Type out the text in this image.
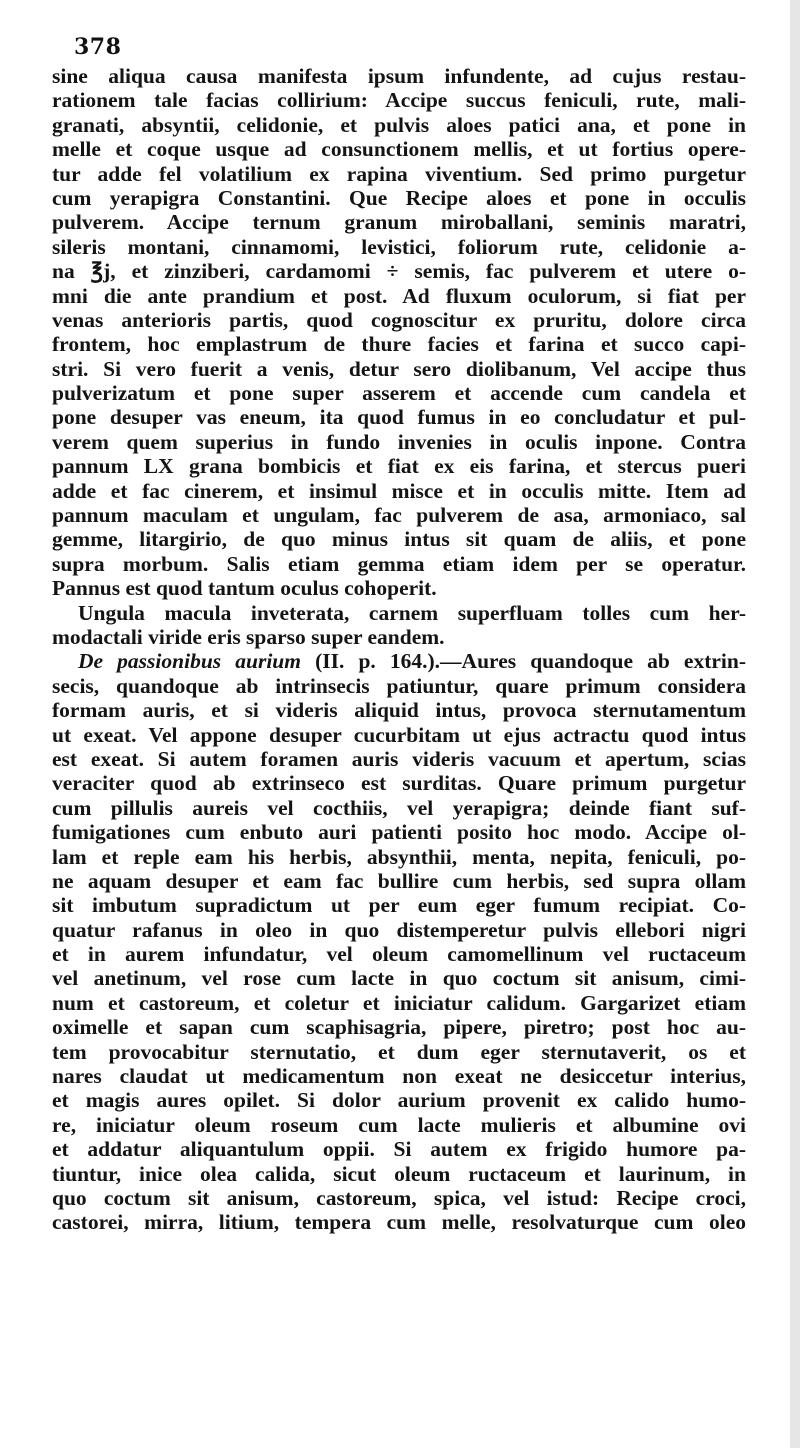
378
sine aliqua causa manifesta ipsum infundente, ad cujus restau-
rationem tale facias collirium: Accipe succus feniculi, rute, mali-
granati, absyntii, celidonie, et pulvis aloes patici ana, et pone in
melle et coque usque ad consunctionem mellis, et ut fortius opere-
tur adde fel volatilium ex rapina viventium. Sed primo purgetur
cum yerapigra Constantini. Que Recipe aloes et pone in occulis
pulverem. Accipe ternum granum miroballani, seminis maratri,
sileris montani, cinnamomi, levistici, foliorum rute, celidonie a-
na ℥j, et zinziberi, cardamomi ÷ semis, fac pulverem et utere o-
mni die ante prandium et post. Ad fluxum oculorum, si fiat per
venas anterioris partis, quod cognoscitur ex pruritu, dolore circa
frontem, hoc emplastrum de thure facies et farina et succo capi-
stri. Si vero fuerit a venis, detur sero diolibanum, Vel accipe thus
pulverizatum et pone super asserem et accende cum candela et
pone desuper vas eneum, ita quod fumus in eo concludatur et pul-
verem quem superius in fundo invenies in oculis inpone. Contra
pannum LX grana bombicis et fiat ex eis farina, et stercus pueri
adde et fac cinerem, et insimul misce et in occulis mitte. Item ad
pannum maculam et ungulam, fac pulverem de asa, armoniaco, sal
gemme, litargirio, de quo minus intus sit quam de aliis, et pone
supra morbum. Salis etiam gemma etiam idem per se operatur.
Pannus est quod tantum oculus cohoperit.
Ungula macula inveterata, carnem superfluam tolles cum her-
modactali viride eris sparso super eandem.
De passionibus aurium (II. p. 164.).—Aures quandoque ab extrin-
secis, quandoque ab intrinsecis patiuntur, quare primum considera
formam auris, et si videris aliquid intus, provoca sternutamentum
ut exeat. Vel appone desuper cucurbitam ut ejus actractu quod intus
est exeat. Si autem foramen auris videris vacuum et apertum, scias
veraciter quod ab extrinseco est surditas. Quare primum purgetur
cum pillulis aureis vel cocthiis, vel yerapigra; deinde fiant suf-
fumigationes cum enbuto auri patienti posito hoc modo. Accipe ol-
lam et reple eam his herbis, absynthii, menta, nepita, feniculi, po-
ne aquam desuper et eam fac bullire cum herbis, sed supra ollam
sit imbutum supradictum ut per eum eger fumum recipiat. Co-
quatur rafanus in oleo in quo distemperetur pulvis ellebori nigri
et in aurem infundatur, vel oleum camomellinum vel ructaceum
vel anetinum, vel rose cum lacte in quo coctum sit anisum, cimi-
num et castoreum, et coletur et iniciatur calidum. Gargarizet etiam
oximelle et sapan cum scaphisagria, pipere, piretro; post hoc au-
tem provocabitur sternutatio, et dum eger sternutaverit, os et
nares claudat ut medicamentum non exeat ne desiccetur interius,
et magis aures opilet. Si dolor aurium provenit ex calido humo-
re, iniciatur oleum roseum cum lacte mulieris et albumine ovi
et addatur aliquantulum oppii. Si autem ex frigido humore pa-
tiuntur, inice olea calida, sicut oleum ructaceum et laurinum, in
quo coctum sit anisum, castoreum, spica, vel istud: Recipe croci,
castorei, mirra, litium, tempera cum melle, resolvaturque cum oleo
